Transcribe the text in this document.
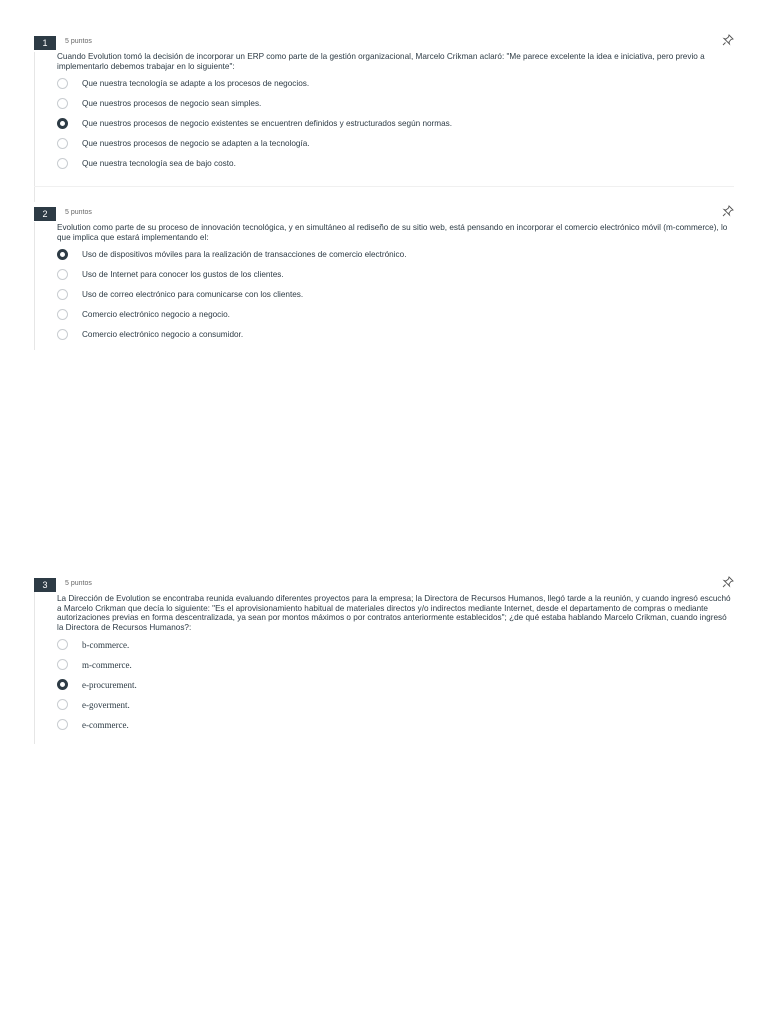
1	5 puntos
Cuando Evolution tomó la decisión de incorporar un ERP como parte de la gestión organizacional, Marcelo Crikman aclaró: "Me parece excelente la idea e iniciativa, pero previo a implementarlo debemos trabajar en lo siguiente":
Que nuestra tecnología se adapte a los procesos de negocios.
Que nuestros procesos de negocio sean simples.
Que nuestros procesos de negocio existentes se encuentren definidos y estructurados según normas.
Que nuestros procesos de negocio se adapten a la tecnología.
Que nuestra tecnología sea de bajo costo.
2	5 puntos
Evolution como parte de su proceso de innovación tecnológica, y en simultáneo al rediseño de su sitio web, está pensando en incorporar el comercio electrónico móvil (m-commerce), lo que implica que estará implementando el:
Uso de dispositivos móviles para la realización de transacciones de comercio electrónico.
Uso de Internet para conocer los gustos de los clientes.
Uso de correo electrónico para comunicarse con los clientes.
Comercio electrónico negocio a negocio.
Comercio electrónico negocio a consumidor.
3	5 puntos
La Dirección de Evolution se encontraba reunida evaluando diferentes proyectos para la empresa; la Directora de Recursos Humanos, llegó tarde a la reunión, y cuando ingresó escuchó a Marcelo Crikman que decía lo siguiente: "Es el aprovisionamiento habitual de materiales directos y/o indirectos mediante Internet, desde el departamento de compras o mediante autorizaciones previas en forma descentralizada, ya sean por montos máximos o por contratos anteriormente establecidos"; ¿de qué estaba hablando Marcelo Crikman, cuando ingresó la Directora de Recursos Humanos?:
b-commerce.
m-commerce.
e-procurement.
e-goverment.
e-commerce.
